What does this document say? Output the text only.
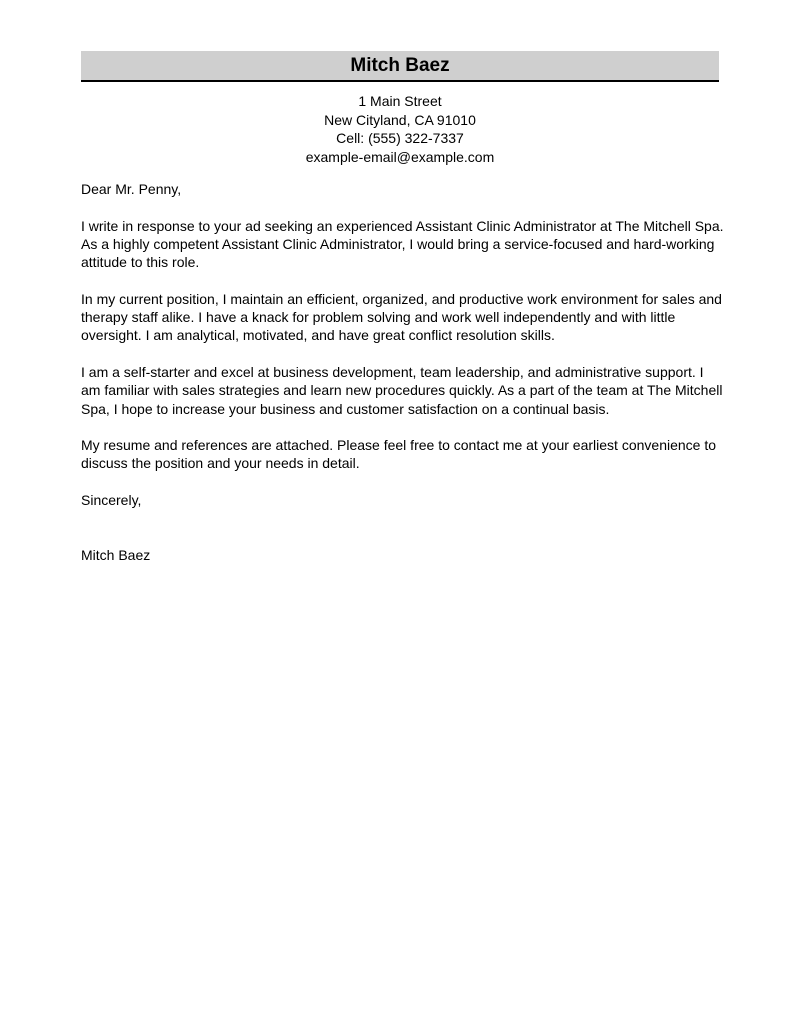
Mitch Baez
1 Main Street
New Cityland, CA 91010
Cell: (555) 322-7337
example-email@example.com

Dear Mr. Penny,

I write in response to your ad seeking an experienced Assistant Clinic Administrator at The Mitchell Spa. As a highly competent Assistant Clinic Administrator, I would bring a service-focused and hard-working attitude to this role.

In my current position, I maintain an efficient, organized, and productive work environment for sales and therapy staff alike. I have a knack for problem solving and work well independently and with little oversight. I am analytical, motivated, and have great conflict resolution skills.

I am a self-starter and excel at business development, team leadership, and administrative support. I am familiar with sales strategies and learn new procedures quickly. As a part of the team at The Mitchell Spa, I hope to increase your business and customer satisfaction on a continual basis.

My resume and references are attached. Please feel free to contact me at your earliest convenience to discuss the position and your needs in detail.

Sincerely,

Mitch Baez
